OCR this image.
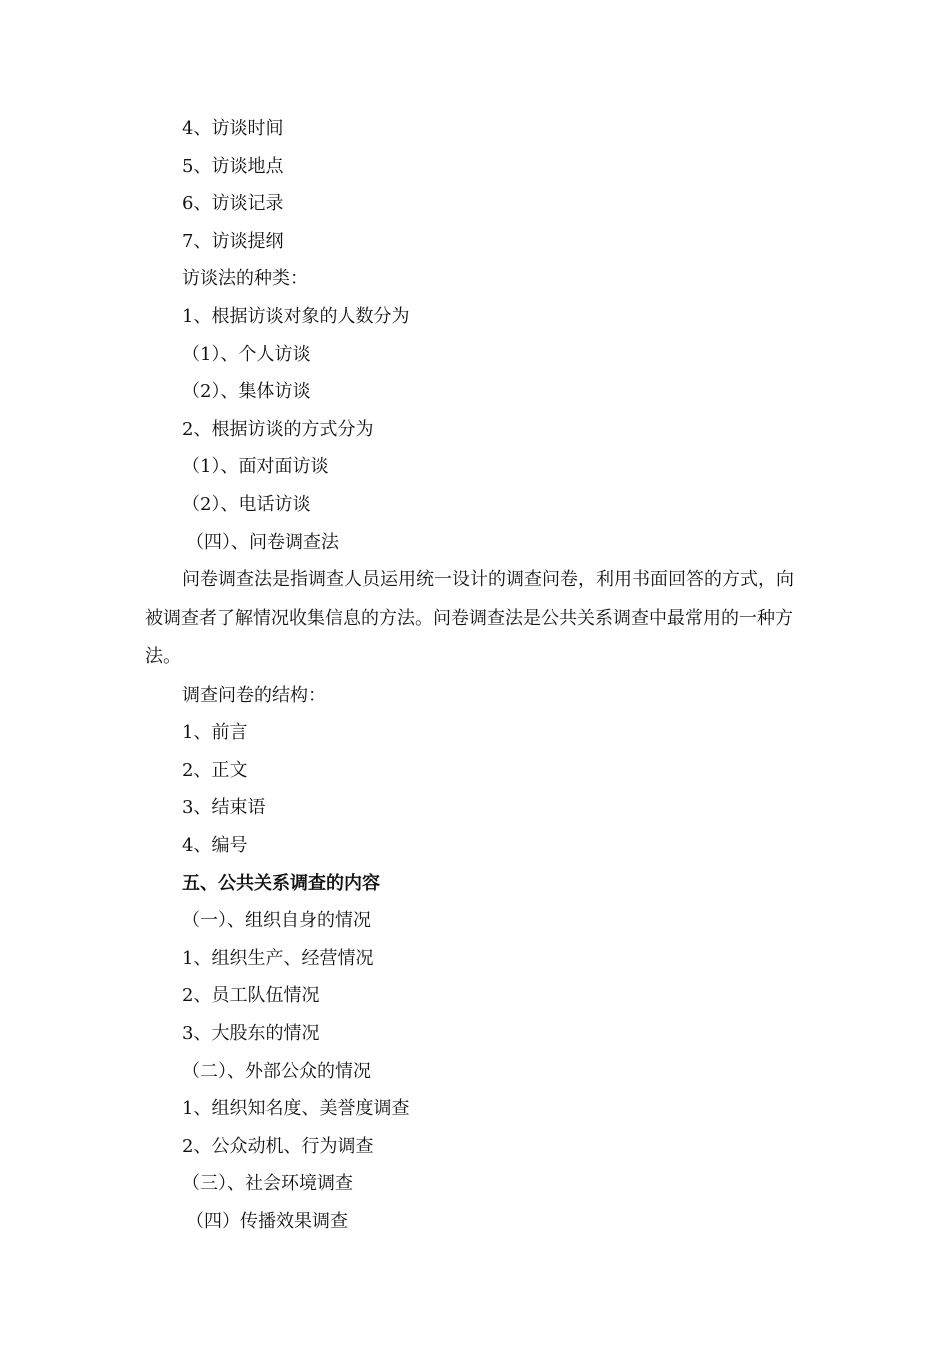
4、访谈时间

5、访谈地点

6、访谈记录

7、访谈提纲

访谈法的种类：

1、根据访谈对象的人数分为

（1）、个人访谈

（2）、集体访谈

2、根据访谈的方式分为

（1）、面对面访谈

（2）、电话访谈

（四）、问卷调查法

问卷调查法是指调查人员运用统一设计的调查问卷，利用书面回答的方式，向被调查者了解情况收集信息的方法。问卷调查法是公共关系调查中最常用的一种方法。

调查问卷的结构：

1、前言

2、正文

3、结束语

4、编号

五、公共关系调查的内容

（一）、组织自身的情况

1、组织生产、经营情况

2、员工队伍情况

3、大股东的情况

（二）、外部公众的情况

1、组织知名度、美誉度调查

2、公众动机、行为调查

（三）、社会环境调查

（四）传播效果调查
